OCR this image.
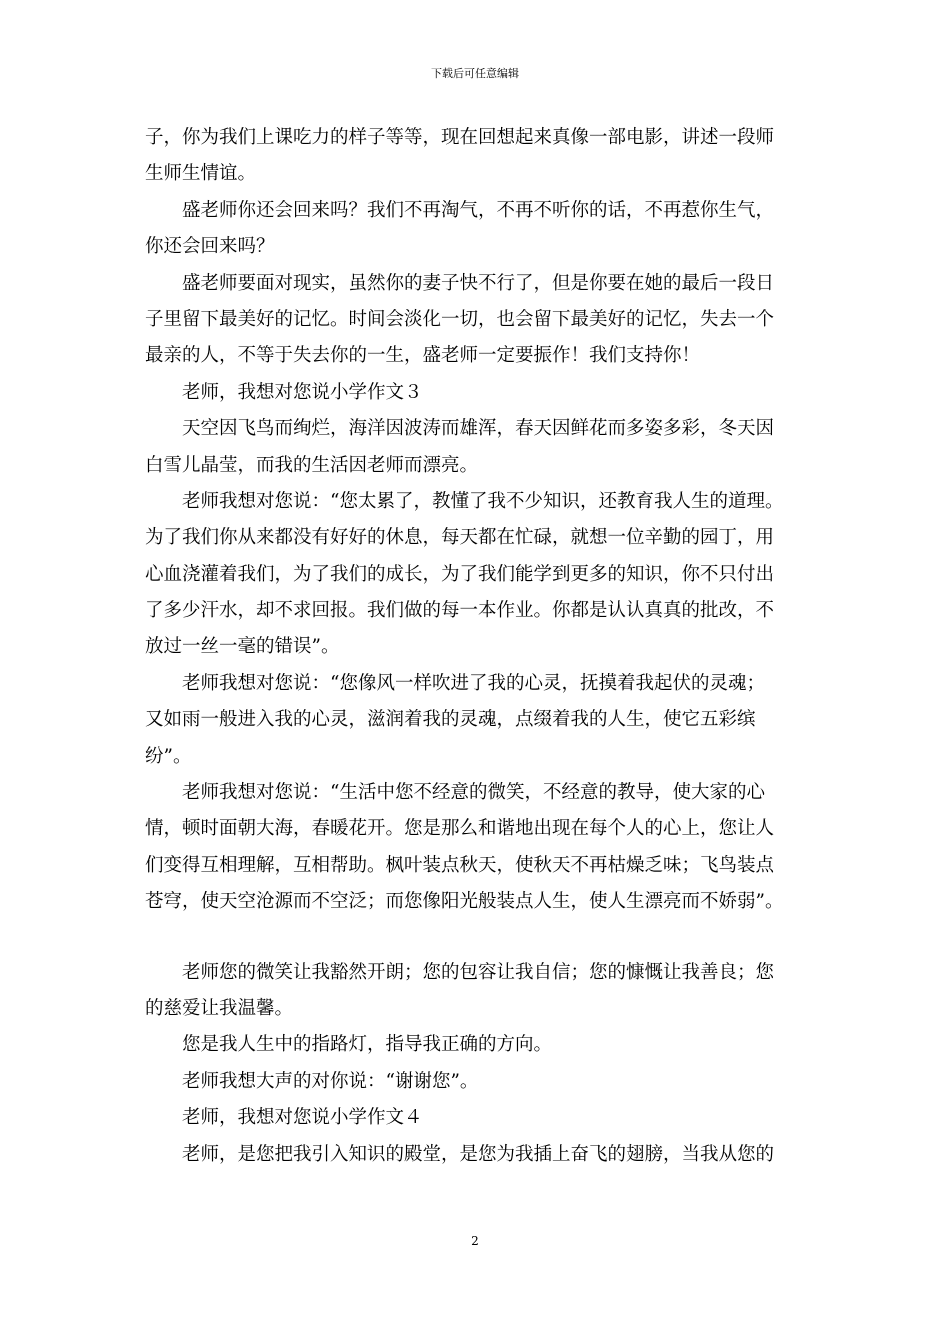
下载后可任意编辑
子，你为我们上课吃力的样子等等，现在回想起来真像一部电影，讲述一段师
生师生情谊。
盛老师你还会回来吗？我们不再淘气，不再不听你的话，不再惹你生气，
你还会回来吗？
盛老师要面对现实，虽然你的妻子快不行了，但是你要在她的最后一段日
子里留下最美好的记忆。时间会淡化一切，也会留下最美好的记忆，失去一个
最亲的人，不等于失去你的一生，盛老师一定要振作！我们支持你！
老师，我想对您说小学作文３
天空因飞鸟而绚烂，海洋因波涛而雄浑，春天因鲜花而多姿多彩，冬天因
白雪儿晶莹，而我的生活因老师而漂亮。
老师我想对您说：“您太累了，教懂了我不少知识，还教育我人生的道理。
为了我们你从来都没有好好的休息，每天都在忙碌，就想一位辛勤的园丁，用
心血浇灌着我们，为了我们的成长，为了我们能学到更多的知识，你不只付出
了多少汗水，却不求回报。我们做的每一本作业。你都是认认真真的批改，不
放过一丝一毫的错误”。
老师我想对您说：“您像风一样吹进了我的心灵，抚摸着我起伏的灵魂；
又如雨一般进入我的心灵，滋润着我的灵魂，点缀着我的人生，使它五彩缤
纷”。
老师我想对您说：“生活中您不经意的微笑，不经意的教导，使大家的心
情，顿时面朝大海，春暖花开。您是那么和谐地出现在每个人的心上，您让人
们变得互相理解，互相帮助。枫叶装点秋天，使秋天不再枯燥乏味；飞鸟装点
苍穹，使天空沧源而不空泛；而您像阳光般装点人生，使人生漂亮而不娇弱”。
老师您的微笑让我豁然开朗；您的包容让我自信；您的慷慨让我善良；您
的慈爱让我温馨。
您是我人生中的指路灯，指导我正确的方向。
老师我想大声的对你说：“谢谢您”。
老师，我想对您说小学作文４
老师，是您把我引入知识的殿堂，是您为我插上奋飞的翅膀，当我从您的
2
